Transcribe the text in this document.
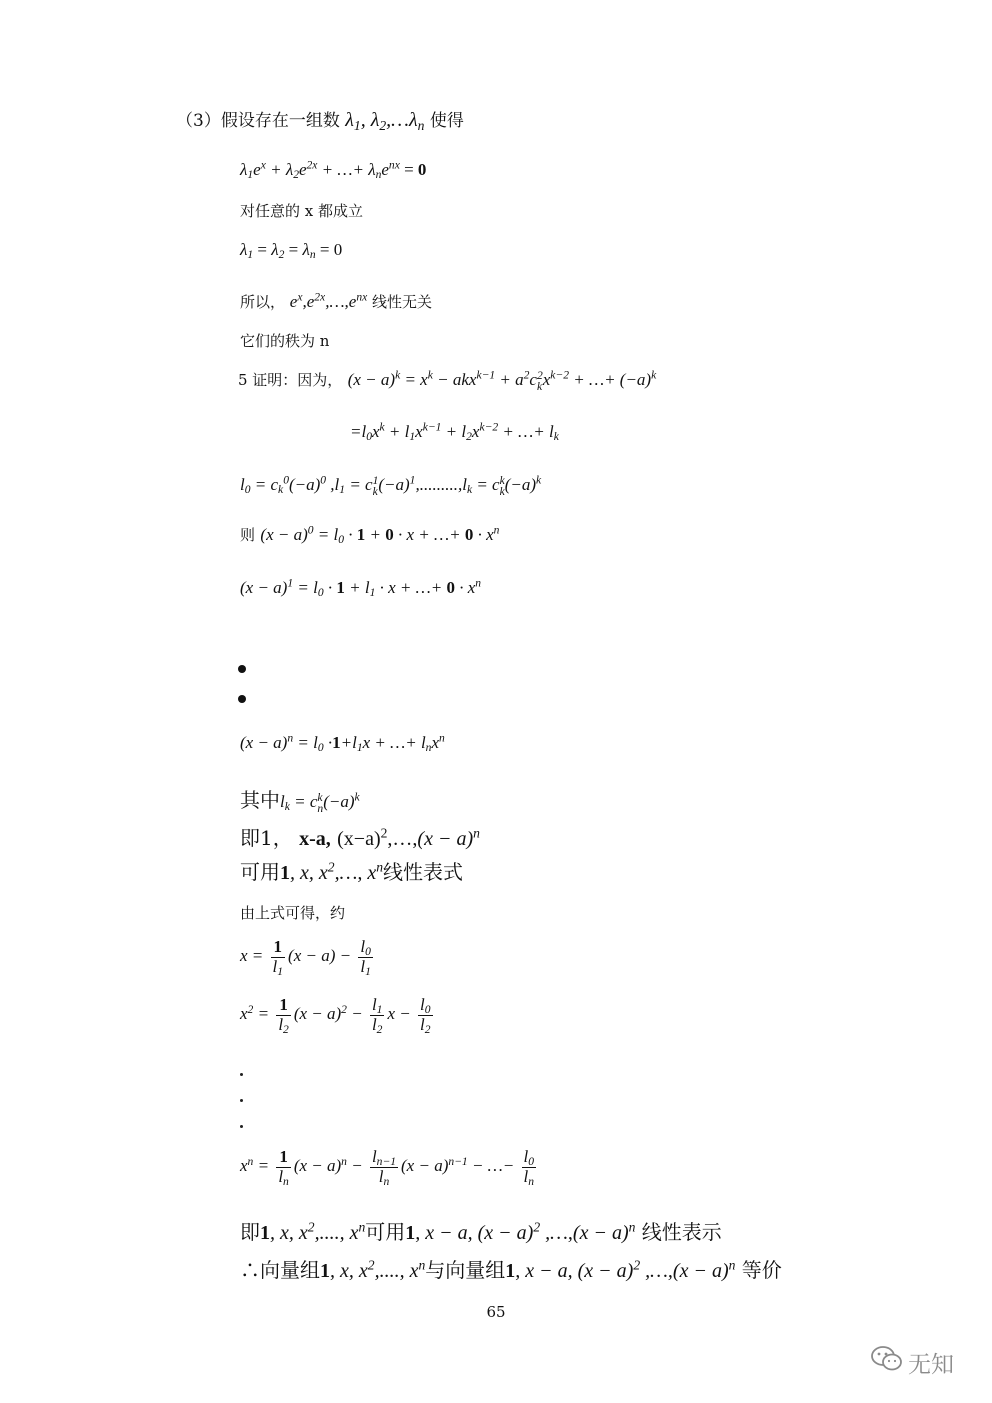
（3）假设存在一组数 $\lambda_1$, $\lambda_2,\dots\lambda_n$ 使得
$\lambda_1e^x + \lambda_2e^{2x}$ + …+ $\lambda_ne^{nx} = 0$
对任意的 x 都成立
$\lambda_1 = \lambda_2 = \lambda_n = 0$
所以， $e^x,e^{2x},\dots,e^{nx}$ 线性无关
它们的秩为 n
5 证明：因为， $(x - a)^k = x^k - akx^{k-1} + a^2c$ 2
k $x^{k-2}$ + …+ $(-a)^k$
$=l_0x^k + l_1x^{k-1} + l_2x^{k-2}$ + …+ $l_k$
$l_0 = c_k^0(-a)^0$ $,l_1 = c$ 1
k $(-a)^1,.........,l_k = c$ k
k $(-a)^k$
则 $(x - a)^0 = l_0 \cdot 1 + 0 \cdot x$ + …+ $0 \cdot x^n$
$(x - a)^1 = l_0 \cdot 1 + l_1 \cdot x$ + …+ $0 \cdot x^n$
$(x - a)^n = l_0 \cdot 1+l_1x$ + …+ $l_nx^n$
其中$l_k = c$ k
n $(-a)^k$
即1， x-a, $(x-a)^2,\dots,(x - a)^n$
可用1, x, $x^2,\dots$, $x^n$线性表式
由上式可得，约
$x = \frac{1}{l_1} (x - a) - \frac{l_0}{l_1}$
$x^2 = \frac{1}{l_2} (x - a)^2 - \frac{l_1}{l_2}$ $x - \frac{l_0}{l_2}$
$x^n = \frac{1}{l_n} (x - a)^n - \frac{l_{n-1}}{l_n} (x - a)^{n-1}$ − …− $\frac{l_0}{l_n}$
即1, x, $x^2$,...., $x^n$可用1, x − a, $(x - a)^2$ ,…,(x − a)$^n$ 线性表示
∴向量组1, x, $x^2$,...., $x^n$与向量组1, x − a, $(x - a)^2$ ,…,(x − a)$^n$ 等价
65
无知
